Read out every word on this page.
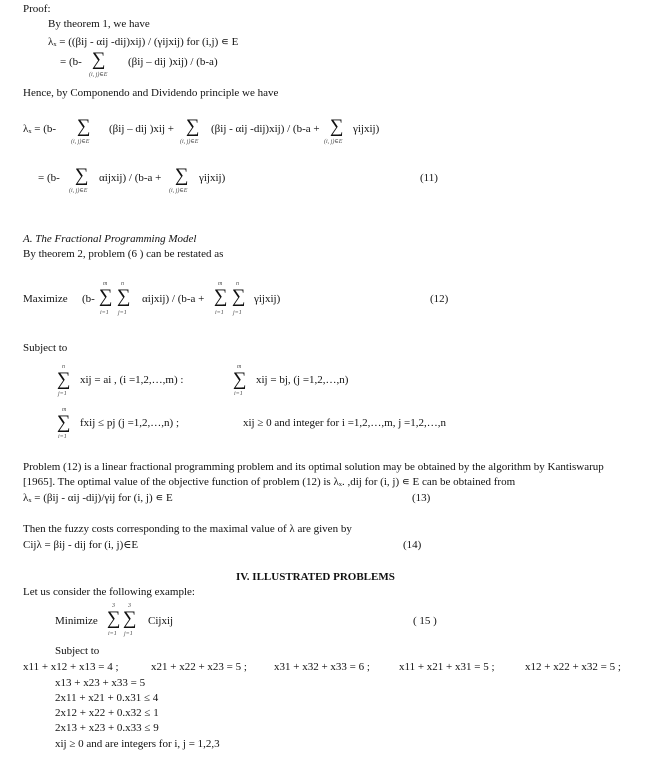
Proof:
By theorem 1, we have
λₓ = ((βij - αij -dij)xij) / (γijxij) for (i,j) ∊ E
= (b- ∑
(i, j)∈E
(βij – dij )xij) / (b-a)
Hence, by Componendo and Dividendo principle we have
λₓ = (b- ∑
(i, j)∈E
(βij – dij )xij + ∑
(i, j)∈E
(βij - αij -dij)xij) / (b-a + ∑
(i, j)∈E
γijxij)
= (b- ∑
(i, j)∈E
αijxij) / (b-a + ∑
(i, j)∈E
γijxij)	(11)
A. The Fractional Programming Model
By theorem 2, problem (6 ) can be restated as
Maximize (b-
m
∑
i=1
n
∑
j=1
αijxij) / (b-a +
m
∑
i=1
n
∑
j=1
γijxij)	(12)
Subject to
n
∑
j=1
xij = ai , (i =1,2,…,m) :
m
∑
i=1
xij = bj, (j =1,2,…,n)
m
∑
i=1
fxij ≤ pj (j =1,2,…,n) ;	xij ≥ 0 and integer for i =1,2,…,m, j =1,2,…,n
Problem (12) is a linear fractional programming problem and its optimal solution may be obtained by the algorithm by Kantiswarup
[1965]. The optimal value of the objective function of problem (12) is λₓ. ,dij for (i, j) ∊ E can be obtained from
λₓ = (βij - αij -dij)/γij for (i, j) ∊ E	(13)
Then the fuzzy costs corresponding to the maximal value of λ are given by
Cijλ = βij - dij for (i, j)∈E	(14)
IV. ILLUSTRATED PROBLEMS
Let us consider the following example:
Minimize
3
∑
i=1
3
∑
j=1
Cijxij	( 15 )
Subject to
x11 + x12 + x13 = 4 ;	x21 + x22 + x23 = 5 ; x31 + x32 + x33 = 6 ;	x11 + x21 + x31 = 5 ;	x12 + x22 + x32 = 5 ;
x13 + x23 + x33 = 5
2x11 + x21 + 0.x31 ≤ 4
2x12 + x22 + 0.x32 ≤ 1
2x13 + x23 + 0.x33 ≤ 9
xij ≥ 0 and are integers for i, j = 1,2,3
